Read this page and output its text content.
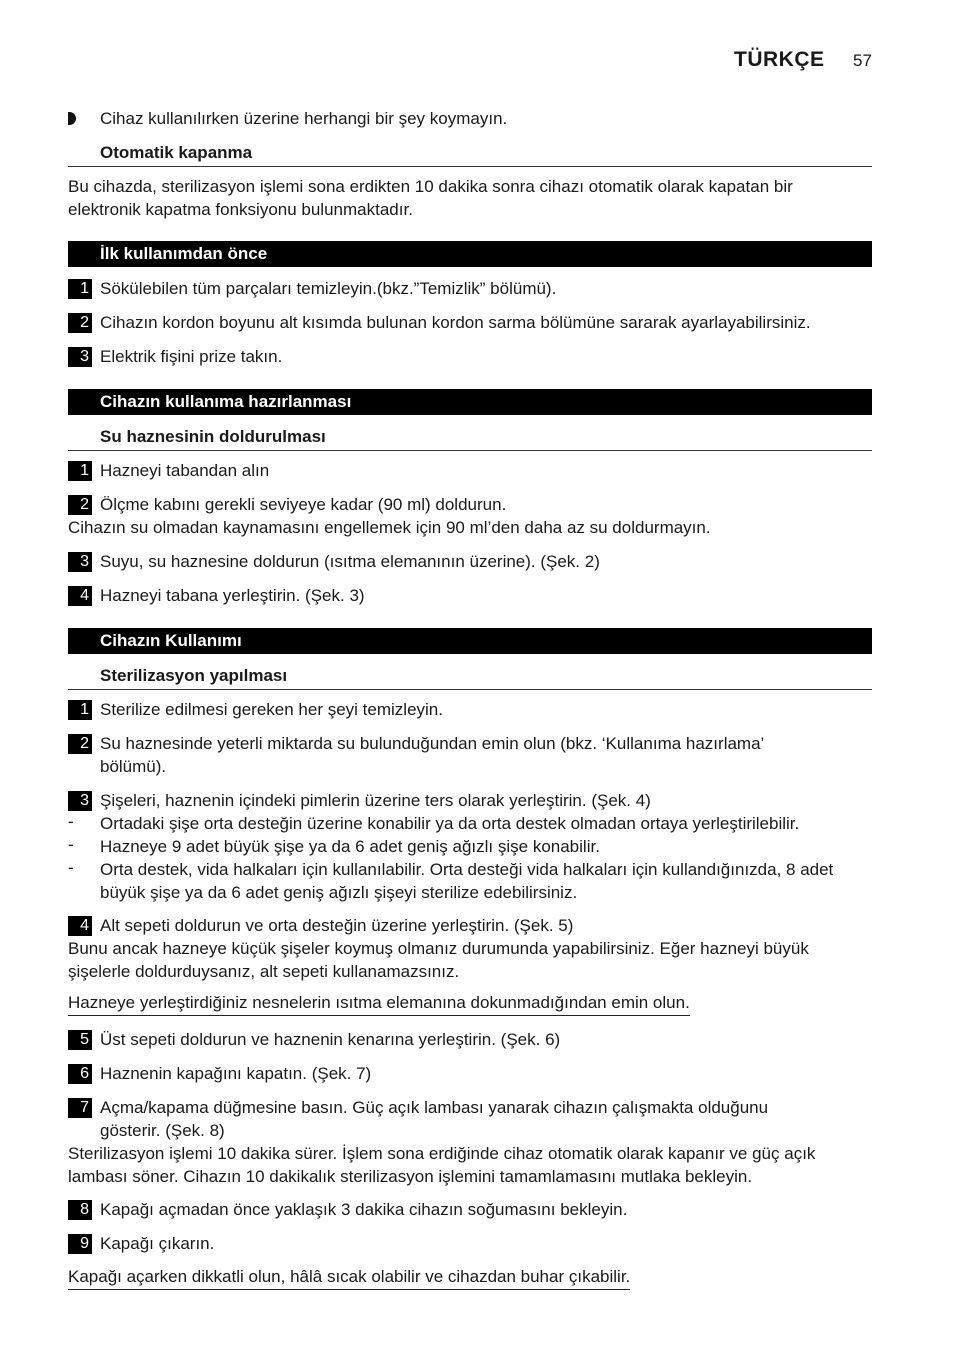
TÜRKÇE 57
Cihaz kullanılırken üzerine herhangi bir şey koymayın.
Otomatik kapanma
Bu cihazda, sterilizasyon işlemi sona erdikten 10 dakika sonra cihazı otomatik olarak kapatan bir
elektronik kapatma fonksiyonu bulunmaktadır.
İlk kullanımdan önce
1 Sökülebilen tüm parçaları temizleyin.(bkz.”Temizlik” bölümü).
2 Cihazın kordon boyunu alt kısımda bulunan kordon sarma bölümüne sararak ayarlayabilirsiniz.
3 Elektrik fişini prize takın.
Cihazın kullanıma hazırlanması
Su haznesinin doldurulması
1 Hazneyi tabandan alın
2 Ölçme kabını gerekli seviyeye kadar (90 ml) doldurun.
Cihazın su olmadan kaynamasını engellemek için 90 ml’den daha az su doldurmayın.
3 Suyu, su haznesine doldurun (ısıtma elemanının üzerine). (Şek. 2)
4 Hazneyi tabana yerleştirin. (Şek. 3)
Cihazın Kullanımı
Sterilizasyon yapılması
1 Sterilize edilmesi gereken her şeyi temizleyin.
2 Su haznesinde yeterli miktarda su bulunduğundan emin olun (bkz. ‘Kullanıma hazırlama’
bölümü).
3 Şişeleri, haznenin içindeki pimlerin üzerine ters olarak yerleştirin. (Şek. 4)
- Ortadaki şişe orta desteğin üzerine konabilir ya da orta destek olmadan ortaya yerleştirilebilir.
- Hazneye 9 adet büyük şişe ya da 6 adet geniş ağızlı şişe konabilir.
- Orta destek, vida halkaları için kullanılabilir. Orta desteği vida halkaları için kullandığınızda, 8 adet
büyük şişe ya da 6 adet geniş ağızlı şişeyi sterilize edebilirsiniz.
4 Alt sepeti doldurun ve orta desteğin üzerine yerleştirin. (Şek. 5)
Bunu ancak hazneye küçük şişeler koymuş olmanız durumunda yapabilirsiniz. Eğer hazneyi büyük
şişelerle doldurduysanız, alt sepeti kullanamazsınız.
Hazneye yerleştirdiğiniz nesnelerin ısıtma elemanına dokunmadığından emin olun.
5 Üst sepeti doldurun ve haznenin kenarına yerleştirin. (Şek. 6)
6 Haznenin kapağını kapatın. (Şek. 7)
7 Açma/kapama düğmesine basın. Güç açık lambası yanarak cihazın çalışmakta olduğunu
gösterir. (Şek. 8)
Sterilizasyon işlemi 10 dakika sürer. İşlem sona erdiğinde cihaz otomatik olarak kapanır ve güç açık
lambası söner. Cihazın 10 dakikalık sterilizasyon işlemini tamamlamasını mutlaka bekleyin.
8 Kapağı açmadan önce yaklaşık 3 dakika cihazın soğumasını bekleyin.
9 Kapağı çıkarın.
Kapağı açarken dikkatli olun, hâlâ sıcak olabilir ve cihazdan buhar çıkabilir.
